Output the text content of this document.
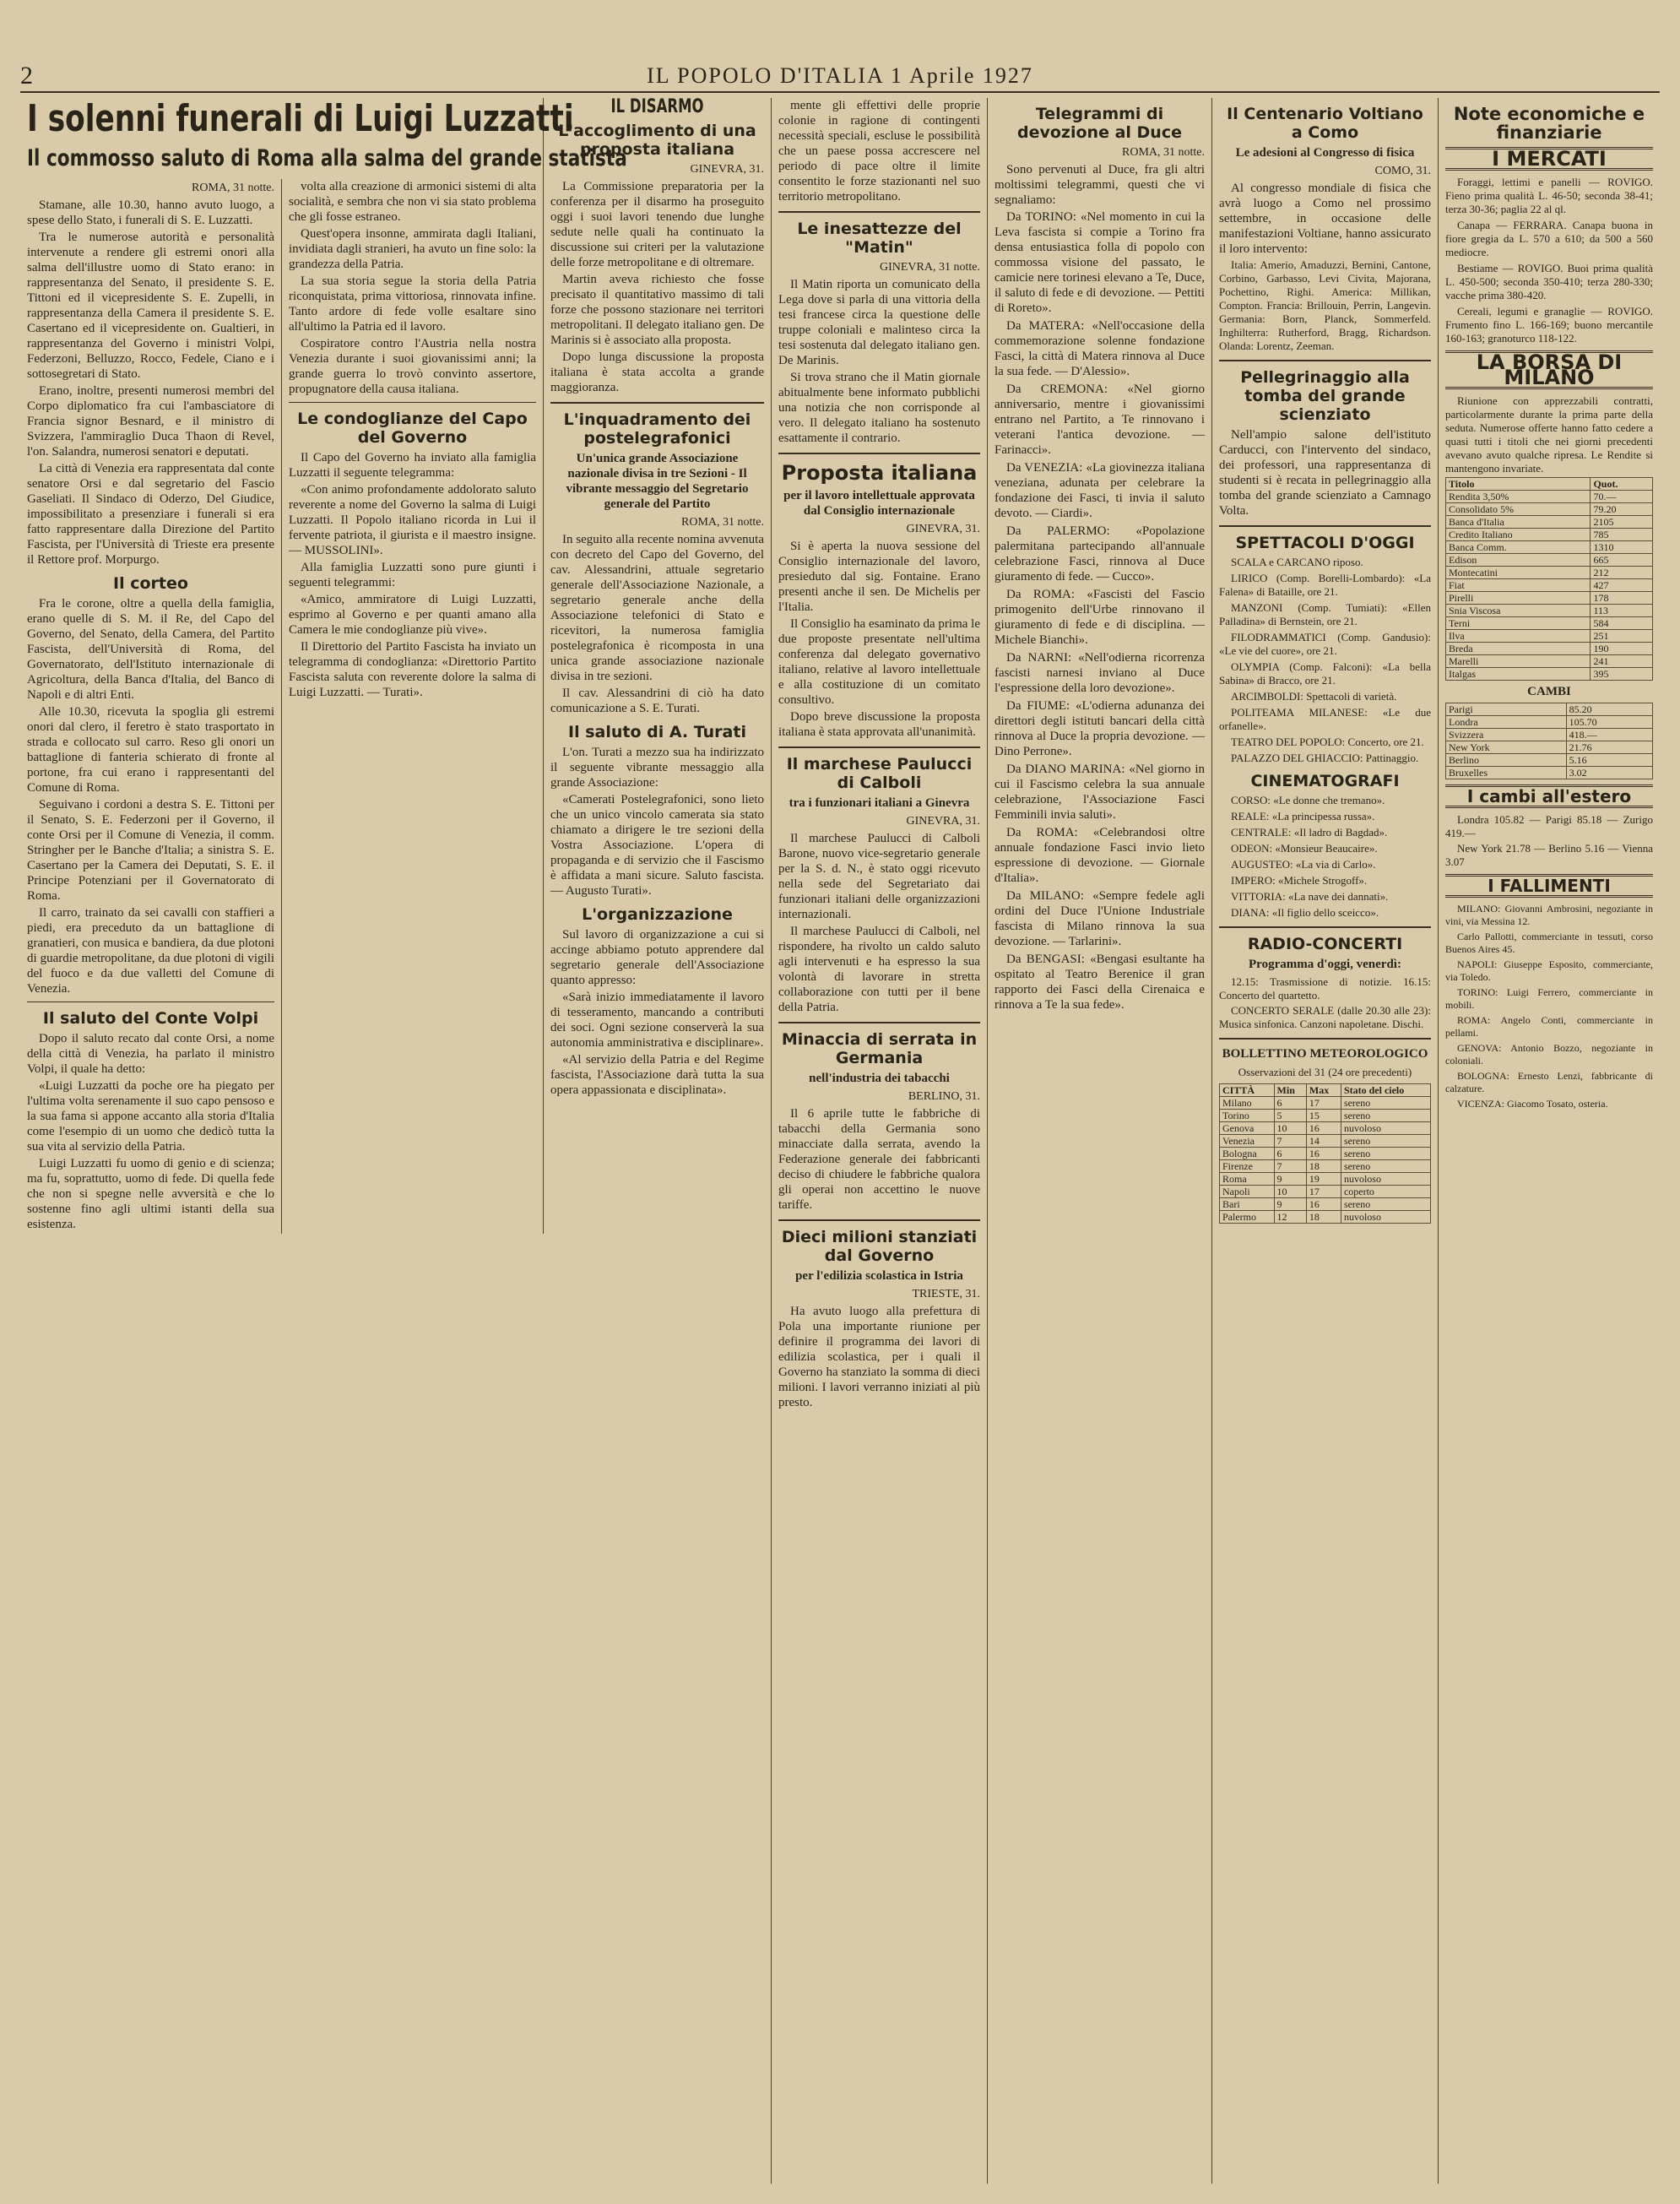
2	IL POPOLO D'ITALIA 1 Aprile 1927
I solenni funerali di Luigi Luzzatti
Il commosso saluto di Roma alla salma del grande statista
ROMA, 31 notte.

Stamane, alle 10.30, hanno avuto luogo, a spese dello Stato, i funerali di S. E. Luzzatti.

Tra le numerose autorità e personalità intervenute a rendere gli estremi onori alla salma dell'illustre uomo di Stato erano: in rappresentanza del Senato, il presidente S. E. Tittoni ed il vicepresidente S. E. Zupelli, in rappresentanza della Camera il presidente S. E. Casertano ed il vicepresidente on. Gualtieri, in rappresentanza del Governo i ministri Volpi, Federzoni, Belluzzo, Rocco, Fedele, Ciano e i sottosegretari di Stato.

Erano, inoltre, presenti numerosi membri del Corpo diplomatico fra cui l'ambasciatore di Francia signor Besnard, e il ministro di Svizzera, l'ammiraglio Duca Thaon di Revel, l'on. Salandra, numerosi senatori e deputati.

La città di Venezia era rappresentata dal conte senatore Orsi e dal segretario del Fascio Gaseliati. Il Sindaco di Oderzo, Del Giudice, impossibilitato a presenziare i funerali si era fatto rappresentare dalla Direzione del Partito Fascista, per l'Università di Trieste era presente il Rettore prof. Morpurgo.

Il corteo

Fra le corone, oltre a quella della famiglia, erano quelle di S. M. il Re, del Capo del Governo, del Senato, della Camera, del Partito Fascista, dell'Università di Roma, del Governatorato, dell'Istituto internazionale di Agricoltura, della Banca d'Italia, del Banco di Napoli e di altri Enti.

Alle 10.30, ricevuta la spoglia gli estremi onori dal clero, il feretro è stato trasportato in strada e collocato sul carro. Reso gli onori un battaglione di fanteria schierato di fronte al portone, fra cui erano i rappresentanti del Comune di Roma.

Seguivano i cordoni a destra S. E. Tittoni per il Senato, S. E. Federzoni per il Governo, il conte Orsi per il Comune di Venezia, il comm. Stringher per le Banche d'Italia; a sinistra S. E. Casertano per la Camera dei Deputati, S. E. il Principe Potenziani per il Governatorato di Roma.

Il carro, trainato da sei cavalli con staffieri a piedi, era preceduto da un battaglione di granatieri, con musica e bandiera, da due plotoni di guardie metropolitane, da due plotoni di vigili del fuoco e da due valletti del Comune di Venezia.

Il saluto del Conte Volpi

Dopo il saluto recato dal conte Orsi, a nome della città di Venezia, ha parlato il ministro Volpi, il quale ha detto:

«Luigi Luzzatti da poche ore ha piegato per l'ultima volta serenamente il suo capo pensoso e la sua fama si appone accanto alla storia d'Italia come l'esempio di un uomo che dedicò tutta la sua vita al servizio della Patria.

Luigi Luzzatti fu uomo di genio e di scienza; ma fu, soprattutto, uomo di fede. Di quella fede che non si spegne nelle avversità e che lo sostenne fino agli ultimi istanti della sua esistenza.

volta alla creazione di armonici sistemi di alta socialità, e sembra che non vi sia stato problema che gli fosse estraneo.

Quest'opera insonne, ammirata dagli Italiani, invidiata dagli stranieri, ha avuto un fine solo: la grandezza della Patria.

La sua storia segue la storia della Patria riconquistata, prima vittoriosa, rinnovata infine. Tanto ardore di fede volle esaltare sino all'ultimo la Patria ed il lavoro.

Cospiratore contro l'Austria nella nostra Venezia durante i suoi giovanissimi anni; la grande guerra lo trovò convinto assertore, propugnatore della causa italiana.

Le condoglianze del Capo del Governo

Il Capo del Governo ha inviato alla famiglia Luzzatti il seguente telegramma:

«Con animo profondamente addolorato saluto reverente a nome del Governo la salma di Luigi Luzzatti. Il Popolo italiano ricorda in Lui il fervente patriota, il giurista e il maestro insigne. — MUSSOLINI».

Alla famiglia Luzzatti sono pure giunti i seguenti telegrammi:

«Amico, ammiratore di Luigi Luzzatti, esprimo al Governo e per quanti amano alla Camera le mie condoglianze più vive».

Il Direttorio del Partito Fascista ha inviato un telegramma di condoglianza: «Direttorio Partito Fascista saluta con reverente dolore la salma di Luigi Luzzatti. — Turati».

IL DISARMO
L'accoglimento di una proposta italiana
GINEVRA, 31.

La Commissione preparatoria per la conferenza per il disarmo ha proseguito oggi i suoi lavori tenendo due lunghe sedute nelle quali ha continuato la discussione sui criteri per la valutazione delle forze metropolitane e di oltremare.

Martin aveva richiesto che fosse precisato il quantitativo massimo di tali forze che possono stazionare nei territori metropolitani. Il delegato italiano gen. De Marinis si è associato alla proposta.

Dopo lunga discussione la proposta italiana è stata accolta a grande maggioranza.

L'inquadramento dei postelegrafonici
Un'unica grande Associazione nazionale divisa in tre Sezioni - Il vibrante messaggio del Segretario generale del Partito
ROMA, 31 notte.

In seguito alla recente nomina avvenuta con decreto del Capo del Governo, del cav. Alessandrini, attuale segretario generale dell'Associazione Nazionale, a segretario generale anche della Associazione telefonici di Stato e ricevitori, la numerosa famiglia postelegrafonica è ricomposta in una unica grande associazione nazionale divisa in tre sezioni.

Il cav. Alessandrini di ciò ha dato comunicazione a S. E. Turati.

Il saluto di A. Turati

L'on. Turati a mezzo sua ha indirizzato il seguente vibrante messaggio alla grande Associazione:

«Camerati Postelegrafonici, sono lieto che un unico vincolo camerata sia stato chiamato a dirigere le tre sezioni della Vostra Associazione. L'opera di propaganda e di servizio che il Fascismo è affidata a mani sicure. Saluto fascista. — Augusto Turati».

L'organizzazione

Sul lavoro di organizzazione a cui si accinge abbiamo potuto apprendere dal segretario generale dell'Associazione quanto appresso:

«Sarà inizio immediatamente il lavoro di tesseramento, mancando a contributi dei soci. Ogni sezione conserverà la sua autonomia amministrativa e disciplinare».

«Al servizio della Patria e del Regime fascista, l'Associazione darà tutta la sua opera appassionata e disciplinata».

mente gli effettivi delle proprie colonie in ragione di contingenti necessità speciali, escluse le possibilità che un paese possa accrescere nel periodo di pace oltre il limite consentito le forze stazionanti nel suo territorio metropolitano.

Le inesattezze del "Matin"
GINEVRA, 31 notte.

Il Matin riporta un comunicato della Lega dove si parla di una vittoria della tesi francese circa la questione delle truppe coloniali e malinteso circa la tesi sostenuta dal delegato italiano gen. De Marinis.

Si trova strano che il Matin giornale abitualmente bene informato pubblichi una notizia che non corrisponde al vero. Il delegato italiano ha sostenuto esattamente il contrario.

Proposta italiana
per il lavoro intellettuale approvata dal Consiglio internazionale
GINEVRA, 31.

Si è aperta la nuova sessione del Consiglio internazionale del lavoro, presieduto dal sig. Fontaine. Erano presenti anche il sen. De Michelis per l'Italia.

Il Consiglio ha esaminato da prima le due proposte presentate nell'ultima conferenza dal delegato governativo italiano, relative al lavoro intellettuale e alla costituzione di un comitato consultivo.

Dopo breve discussione la proposta italiana è stata approvata all'unanimità.

Il marchese Paulucci di Calboli
tra i funzionari italiani a Ginevra
GINEVRA, 31.

Il marchese Paulucci di Calboli Barone, nuovo vice-segretario generale per la S. d. N., è stato oggi ricevuto nella sede del Segretariato dai funzionari italiani delle organizzazioni internazionali.

Il marchese Paulucci di Calboli, nel rispondere, ha rivolto un caldo saluto agli intervenuti e ha espresso la sua volontà di lavorare in stretta collaborazione con tutti per il bene della Patria.

Minaccia di serrata in Germania
nell'industria dei tabacchi
BERLINO, 31.

Il 6 aprile tutte le fabbriche di tabacchi della Germania sono minacciate dalla serrata, avendo la Federazione generale dei fabbricanti deciso di chiudere le fabbriche qualora gli operai non accettino le nuove tariffe.

Dieci milioni stanziati dal Governo
per l'edilizia scolastica in Istria
TRIESTE, 31.

Ha avuto luogo alla prefettura di Pola una importante riunione per definire il programma dei lavori di edilizia scolastica, per i quali il Governo ha stanziato la somma di dieci milioni. I lavori verranno iniziati al più presto.

Telegrammi di devozione al Duce
ROMA, 31 notte.

Sono pervenuti al Duce, fra gli altri moltissimi telegrammi, questi che vi segnaliamo:

Da TORINO: «Nel momento in cui la Leva fascista si compie a Torino fra densa entusiastica folla di popolo con commossa visione del passato, le camicie nere torinesi elevano a Te, Duce, il saluto di fede e di devozione. — Pettiti di Roreto».

Da MATERA: «Nell'occasione della commemorazione solenne fondazione Fasci, la città di Matera rinnova al Duce la sua fede. — D'Alessio».

Da CREMONA: «Nel giorno anniversario, mentre i giovanissimi entrano nel Partito, a Te rinnovano i veterani l'antica devozione. — Farinacci».

Da VENEZIA: «La giovinezza italiana veneziana, adunata per celebrare la fondazione dei Fasci, ti invia il saluto devoto. — Ciardi».

Da PALERMO: «Popolazione palermitana partecipando all'annuale celebrazione Fasci, rinnova al Duce giuramento di fede. — Cucco».

Da ROMA: «Fascisti del Fascio primogenito dell'Urbe rinnovano il giuramento di fede e di disciplina. — Michele Bianchi».

Da NARNI: «Nell'odierna ricorrenza fascisti narnesi inviano al Duce l'espressione della loro devozione».

Da FIUME: «L'odierna adunanza dei direttori degli istituti bancari della città rinnova al Duce la propria devozione. — Dino Perrone».

Da DIANO MARINA: «Nel giorno in cui il Fascismo celebra la sua annuale celebrazione, l'Associazione Fasci Femminili invia saluti».

Da ROMA: «Celebrandosi oltre annuale fondazione Fasci invio lieto espressione di devozione. — Giornale d'Italia».

Da MILANO: «Sempre fedele agli ordini del Duce l'Unione Industriale fascista di Milano rinnova la sua devozione. — Tarlarini».

Da BENGASI: «Bengasi esultante ha ospitato al Teatro Berenice il gran rapporto dei Fasci della Cirenaica e rinnova a Te la sua fede».

Il Centenario Voltiano a Como
Le adesioni al Congresso di fisica
COMO, 31.

Al congresso mondiale di fisica che avrà luogo a Como nel prossimo settembre, in occasione delle manifestazioni Voltiane, hanno assicurato il loro intervento:

Italia: Amerio, Amaduzzi, Bernini, Cantone, Corbino, Garbasso, Levi Civita, Majorana, Pochettino, Righi. America: Millikan, Compton. Francia: Brillouin, Perrin, Langevin. Germania: Born, Planck, Sommerfeld. Inghilterra: Rutherford, Bragg, Richardson. Olanda: Lorentz, Zeeman.

Pellegrinaggio alla tomba del grande scienziato

Nell'ampio salone dell'istituto Carducci, con l'intervento del sindaco, dei professori, una rappresentanza di studenti si è recata in pellegrinaggio alla tomba del grande scienziato a Camnago Volta.

SPETTACOLI D'OGGI

SCALA e CARCANO riposo.

LIRICO (Comp. Borelli-Lombardo): «La Falena» di Bataille, ore 21.

MANZONI (Comp. Tumiati): «Ellen Palladina» di Bernstein, ore 21.

FILODRAMMATICI (Comp. Gandusio): «Le vie del cuore», ore 21.

OLYMPIA (Comp. Falconi): «La bella Sabina» di Bracco, ore 21.

ARCIMBOLDI: Spettacoli di varietà.

POLITEAMA MILANESE: «Le due orfanelle».

TEATRO DEL POPOLO: Concerto, ore 21.

PALAZZO DEL GHIACCIO: Pattinaggio.

CINEMATOGRAFI

CORSO: «Le donne che tremano».

REALE: «La principessa russa».

CENTRALE: «Il ladro di Bagdad».

ODEON: «Monsieur Beaucaire».

AUGUSTEO: «La via di Carlo».

IMPERO: «Michele Strogoff».

VITTORIA: «La nave dei dannati».

DIANA: «Il figlio dello sceicco».

RADIO-CONCERTI
Programma d'oggi, venerdì:

12.15: Trasmissione di notizie. 16.15: Concerto del quartetto.

CONCERTO SERALE (dalle 20.30 alle 23): Musica sinfonica. Canzoni napoletane. Dischi.

BOLLETTINO METEOROLOGICO
Osservazioni del 31 (24 ore precedenti)
CITTÀ	Min	Max	Stato del cielo
Milano	6	17	sereno
Torino	5	15	sereno
Genova	10	16	nuvoloso
Venezia	7	14	sereno
Bologna	6	16	sereno
Firenze	7	18	sereno
Roma	9	19	nuvoloso
Napoli	10	17	coperto
Bari	9	16	sereno
Palermo	12	18	nuvoloso
Note economiche e finanziarie
I MERCATI

Foraggi, lettimi e panelli — ROVIGO. Fieno prima qualità L. 46-50; seconda 38-41; terza 30-36; paglia 22 al ql.

Canapa — FERRARA. Canapa buona in fiore gregia da L. 570 a 610; da 500 a 560 mediocre.

Bestiame — ROVIGO. Buoi prima qualità L. 450-500; seconda 350-410; terza 280-330; vacche prima 380-420.

Cereali, legumi e granaglie — ROVIGO. Frumento fino L. 166-169; buono mercantile 160-163; granoturco 118-122.

LA BORSA DI MILANO

Riunione con apprezzabili contratti, particolarmente durante la prima parte della seduta. Numerose offerte hanno fatto cedere a quasi tutti i titoli che nei giorni precedenti avevano avuto qualche ripresa. Le Rendite si mantengono invariate.

Titolo	Quot.
Rendita 3,50%	70.—
Consolidato 5%	79.20
Banca d'Italia	2105
Credito Italiano	785
Banca Comm.	1310
Edison	665
Montecatini	212
Fiat	427
Pirelli	178
Snia Viscosa	113
Terni	584
Ilva	251
Breda	190
Marelli	241
Italgas	395
CAMBI
Parigi	85.20
Londra	105.70
Svizzera	418.—
New York	21.76
Berlino	5.16
Bruxelles	3.02
I cambi all'estero

Londra 105.82 — Parigi 85.18 — Zurigo 419.—

New York 21.78 — Berlino 5.16 — Vienna 3.07

I FALLIMENTI

MILANO: Giovanni Ambrosini, negoziante in vini, via Messina 12.

Carlo Pallotti, commerciante in tessuti, corso Buenos Aires 45.

NAPOLI: Giuseppe Esposito, commerciante, via Toledo.

TORINO: Luigi Ferrero, commerciante in mobili.

ROMA: Angelo Conti, commerciante in pellami.

GENOVA: Antonio Bozzo, negoziante in coloniali.

BOLOGNA: Ernesto Lenzi, fabbricante di calzature.

VICENZA: Giacomo Tosato, osteria.
